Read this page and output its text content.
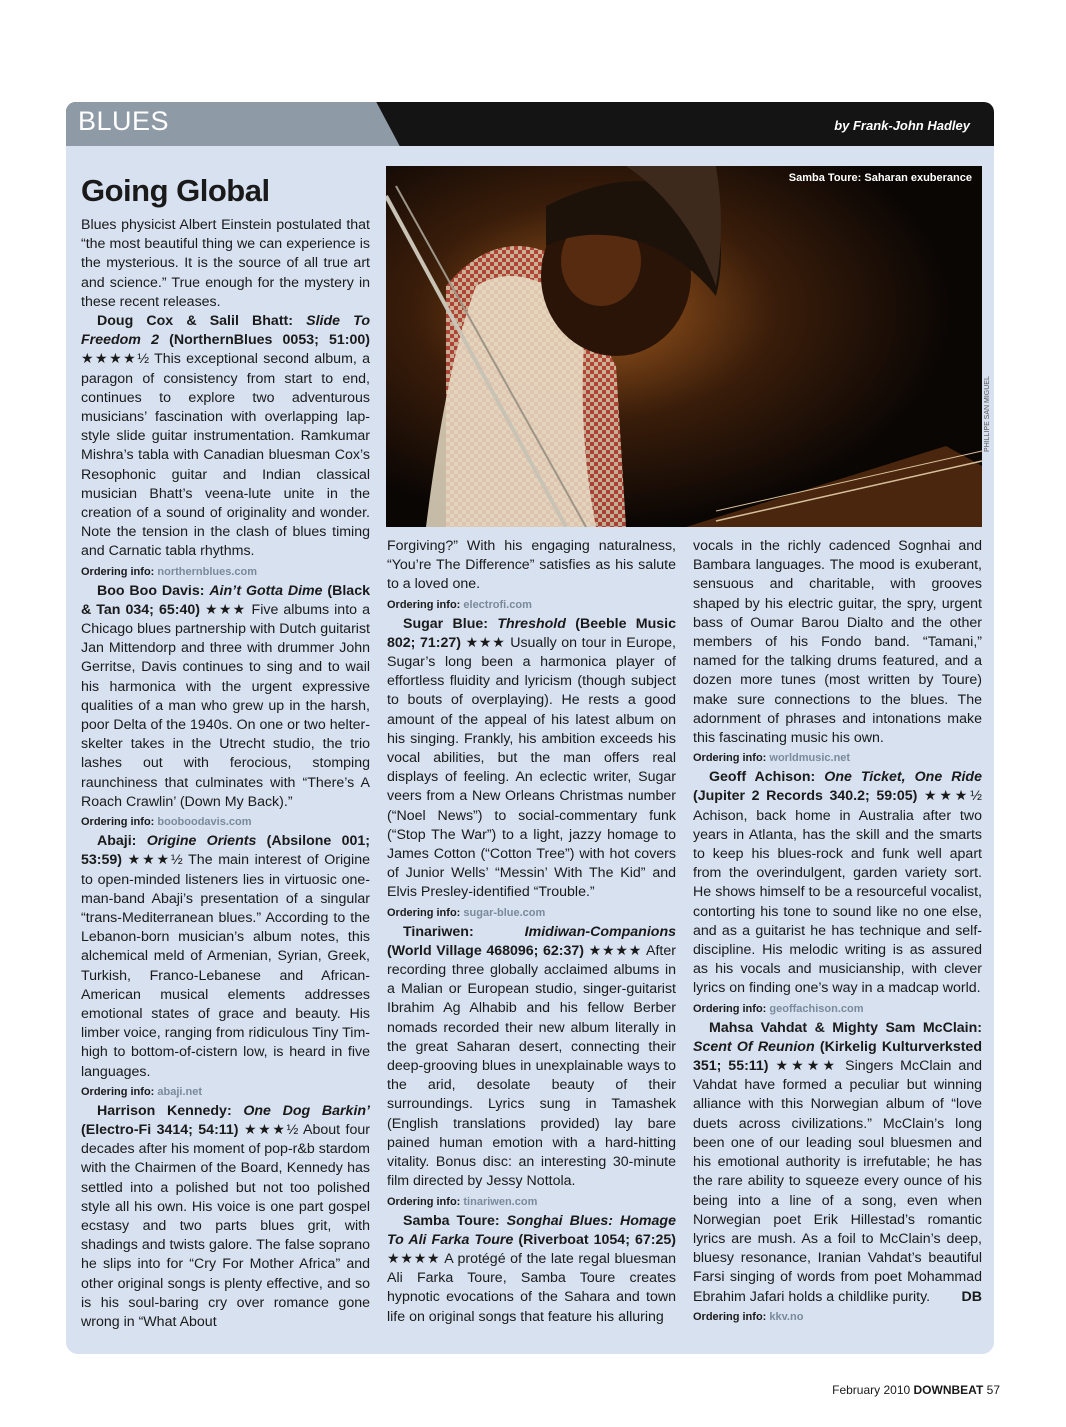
BLUES	by Frank-John Hadley
Samba Toure: Saharan exuberance
PHILLIPE SAN MIGUEL
Going Global

Blues physicist Albert Einstein postulated that “the most beautiful thing we can experience is the mysterious. It is the source of all true art and science.” True enough for the mystery in these recent releases.

Doug Cox & Salil Bhatt: Slide To Freedom 2 (NorthernBlues 0053; 51:00) ★★★★½ This exceptional second album, a paragon of consistency from start to end, continues to explore two adventurous musicians’ fascination with overlapping lap-style slide guitar instrumentation. Ramkumar Mishra’s tabla with Canadian bluesman Cox’s Resophonic guitar and Indian classical musician Bhatt’s veena-lute unite in the creation of a sound of originality and wonder. Note the tension in the clash of blues timing and Carnatic tabla rhythms.

Ordering info: northernblues.com

Boo Boo Davis: Ain’t Gotta Dime (Black & Tan 034; 65:40) ★★★ Five albums into a Chicago blues partnership with Dutch guitarist Jan Mittendorp and three with drummer John Gerritse, Davis continues to sing and to wail his harmonica with the urgent expressive qualities of a man who grew up in the harsh, poor Delta of the 1940s. On one or two helter-skelter takes in the Utrecht studio, the trio lashes out with ferocious, stomping raunchiness that culminates with “There’s A Roach Crawlin’ (Down My Back).”

Ordering info: booboodavis.com

Abaji: Origine Orients (Absilone 001; 53:59) ★★★½ The main interest of Origine to open-minded listeners lies in virtuosic one-man-band Abaji’s presentation of a singular “trans-Mediterranean blues.” According to the Lebanon-born musician’s album notes, this alchemical meld of Armenian, Syrian, Greek, Turkish, Franco-Lebanese and African-American musical elements addresses emotional states of grace and beauty. His limber voice, ranging from ridiculous Tiny Tim-high to bottom-of-cistern low, is heard in five languages.

Ordering info: abaji.net

Harrison Kennedy: One Dog Barkin’ (Electro-Fi 3414; 54:11) ★★★½ About four decades after his moment of pop-r&b stardom with the Chairmen of the Board, Kennedy has settled into a polished but not too polished style all his own. His voice is one part gospel ecstasy and two parts blues grit, with shadings and twists galore. The false soprano he slips into for “Cry For Mother Africa” and other original songs is plenty effective, and so is his soul-baring cry over romance gone wrong in “What About

Forgiving?” With his engaging naturalness, “You’re The Difference” satisfies as his salute to a loved one.

Ordering info: electrofi.com

Sugar Blue: Threshold (Beeble Music 802; 71:27) ★★★ Usually on tour in Europe, Sugar’s long been a harmonica player of effortless fluidity and lyricism (though subject to bouts of overplaying). He rests a good amount of the appeal of his latest album on his singing. Frankly, his ambition exceeds his vocal abilities, but the man offers real displays of feeling. An eclectic writer, Sugar veers from a New Orleans Christmas number (“Noel News”) to social-commentary funk (“Stop The War”) to a light, jazzy homage to James Cotton (“Cotton Tree”) with hot covers of Junior Wells’ “Messin’ With The Kid” and Elvis Presley-identified “Trouble.”

Ordering info: sugar-blue.com

Tinariwen:	Imidiwan-Companions (World Village 468096; 62:37) ★★★★ After recording three globally acclaimed albums in a Malian or European studio, singer-guitarist Ibrahim Ag Alhabib and his fellow Berber nomads recorded their new album literally in the great Saharan desert, connecting their deep-grooving blues in unexplainable ways to the arid, desolate beauty of their surroundings. Lyrics sung in Tamashek (English translations provided) lay bare pained human emotion with a hard-hitting vitality. Bonus disc: an interesting 30-minute film directed by Jessy Nottola.

Ordering info: tinariwen.com

Samba Toure: Songhai Blues: Homage To Ali Farka Toure (Riverboat 1054; 67:25) ★★★★ A protégé of the late regal bluesman Ali Farka Toure, Samba Toure creates hypnotic evocations of the Sahara and town life on original songs that feature his alluring

vocals in the richly cadenced Sognhai and Bambara languages. The mood is exuberant, sensuous and charitable, with grooves shaped by his electric guitar, the spry, urgent bass of Oumar Barou Dialto and the other members of his Fondo band. “Tamani,” named for the talking drums featured, and a dozen more tunes (most written by Toure) make sure connections to the blues. The adornment of phrases and intonations make this fascinating music his own.

Ordering info: worldmusic.net

Geoff Achison: One Ticket, One Ride (Jupiter 2 Records 340.2; 59:05) ★★★½ Achison, back home in Australia after two years in Atlanta, has the skill and the smarts to keep his blues-rock and funk well apart from the overindulgent, garden variety sort. He shows himself to be a resourceful vocalist, contorting his tone to sound like no one else, and as a guitarist he has technique and self-discipline. His melodic writing is as assured as his vocals and musicianship, with clever lyrics on finding one’s way in a madcap world.

Ordering info: geoffachison.com

Mahsa Vahdat & Mighty Sam McClain: Scent Of Reunion (Kirkelig Kulturverksted 351; 55:11) ★★★★ Singers McClain and Vahdat have formed a peculiar but winning alliance with this Norwegian album of “love duets across civilizations.” McClain’s long been one of our leading soul bluesmen and his emotional authority is irrefutable; he has the rare ability to squeeze every ounce of his being into a line of a song, even when Norwegian poet Erik Hillestad’s romantic lyrics are mush. As a foil to McClain’s deep, bluesy resonance, Iranian Vahdat’s beautiful Farsi singing of words from poet Mohammad Ebrahim Jafari holds a childlike purity.	DB

Ordering info: kkv.no
February 2010 DOWNBEAT 57
